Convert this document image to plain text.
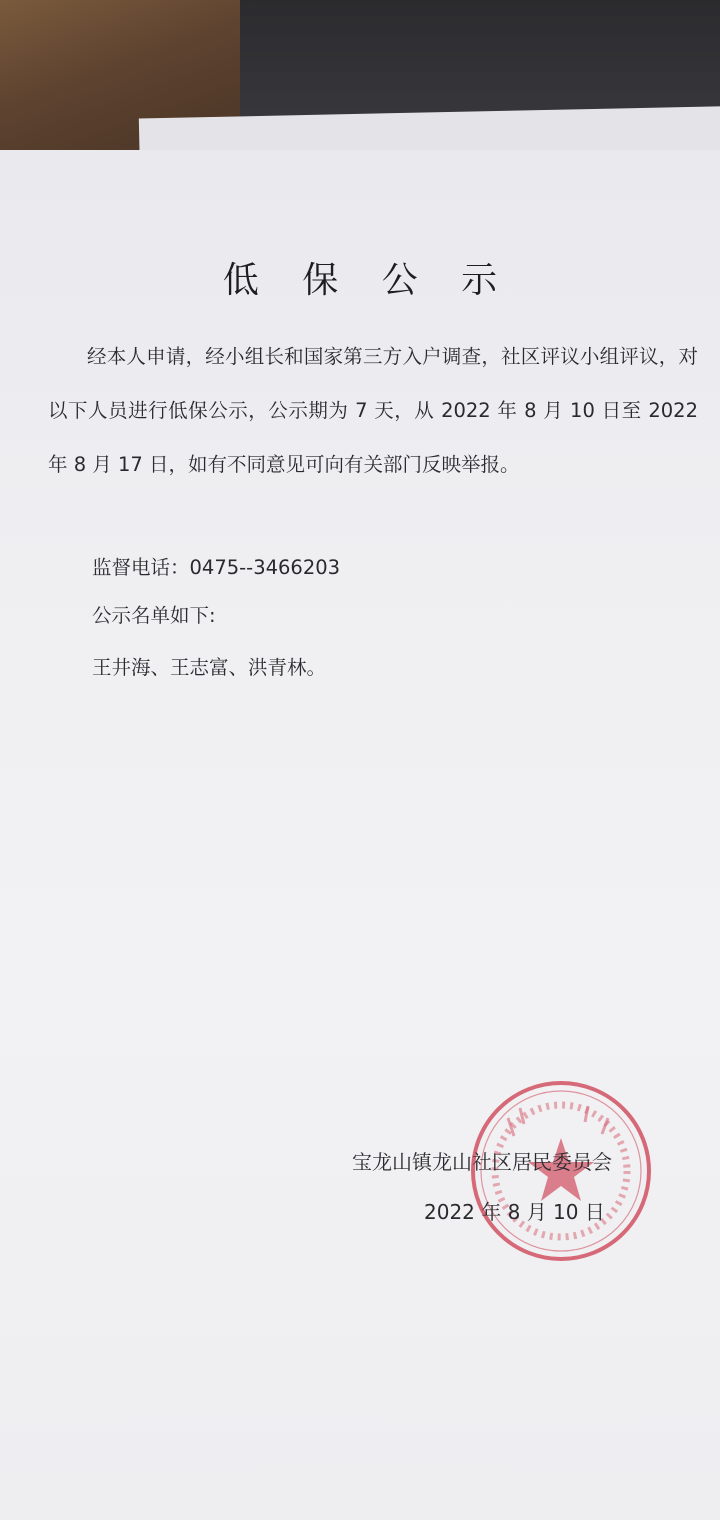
低 保 公 示

经本人申请，经小组长和国家第三方入户调查，社区评议小组评议，对以下人员进行低保公示，公示期为 7 天，从 2022 年 8 月 10 日至 2022 年 8 月 17 日，如有不同意见可向有关部门反映举报。

监督电话：0475--3466203
公示名单如下:
王井海、王志富、洪青林。
宝龙山镇龙山社区居民委员会
2022 年 8 月 10 日
